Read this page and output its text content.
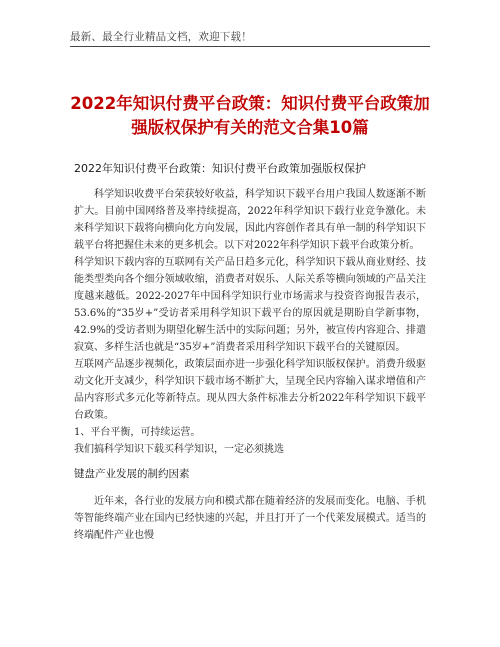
最新、最全行业精品文档，欢迎下载！
2022年知识付费平台政策：知识付费平台政策加强版权保护有关的范文合集10篇
2022年知识付费平台政策：知识付费平台政策加强版权保护

科学知识收费平台荣获较好收益，科学知识下载平台用户我国人数逐渐不断扩大。目前中国网络普及率持续提高，2022年科学知识下载行业竞争激化。未来科学知识下载将向横向化方向发展，因此内容创作者具有单一制的科学知识下载平台将把握住未来的更多机会。以下对2022年科学知识下载平台政策分析。

科学知识下载内容的互联网有关产品日趋多元化，科学知识下载从商业财经、技能类型类向各个细分领域收缩，消费者对娱乐、人际关系等横向领域的产品关注度越来越低。2022-2027年中国科学知识行业市场需求与投资咨询报告表示，53.6%的“35岁+”受访者采用科学知识下载平台的原因就是期盼自学新事物，42.9%的受访者则为期望化解生活中的实际问题；另外，被宣传内容迎合、排遣寂寞、多样生活也就是“35岁+”消费者采用科学知识下载平台的关键原因。

互联网产品逐步视频化，政策层面亦进一步强化科学知识版权保护。消费升级驱动文化开支减少，科学知识下载市场不断扩大，呈现全民内容输入谋求增值和产品内容形式多元化等新特点。现从四大条件标准去分析2022年科学知识下载平台政策。

1、平台平衡，可持续运营。

我们搞科学知识下载买科学知识，一定必须挑选

键盘产业发展的制约因素

近年来，各行业的发展方向和模式都在随着经济的发展而变化。电脑、手机等智能终端产业在国内已经快速的兴起，并且打开了一个代莱发展模式。适当的终端配件产业也慢
